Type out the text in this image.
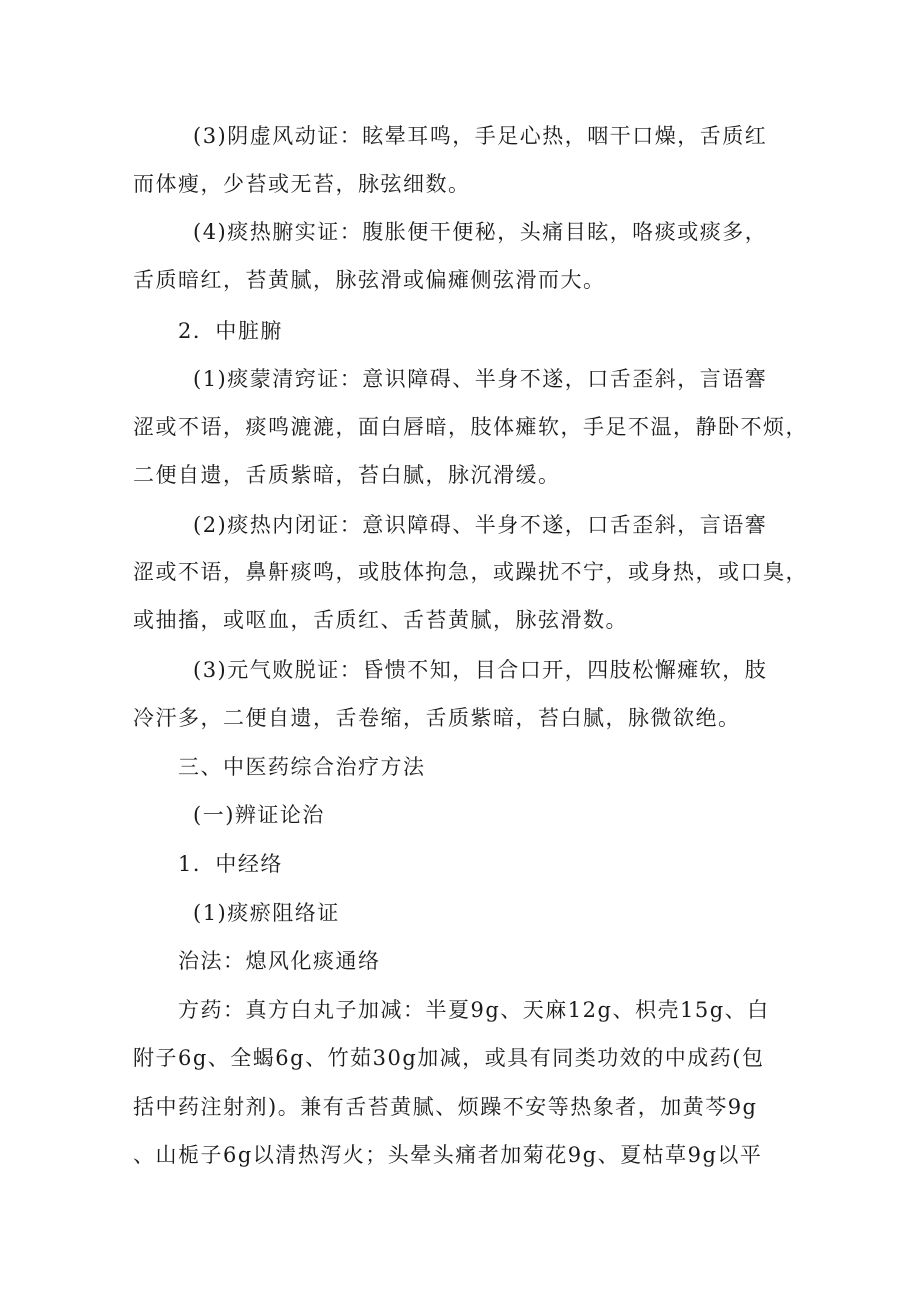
(3)阴虚风动证：眩晕耳鸣，手足心热，咽干口燥，舌质红
而体瘦，少苔或无苔，脉弦细数。
(4)痰热腑实证：腹胀便干便秘，头痛目眩，咯痰或痰多，
舌质暗红，苔黄腻，脉弦滑或偏瘫侧弦滑而大。
2．中脏腑
(1)痰蒙清窍证：意识障碍、半身不遂，口舌歪斜，言语謇
涩或不语，痰鸣漉漉，面白唇暗，肢体瘫软，手足不温，静卧不烦，
二便自遗，舌质紫暗，苔白腻，脉沉滑缓。
(2)痰热内闭证：意识障碍、半身不遂，口舌歪斜，言语謇
涩或不语，鼻鼾痰鸣，或肢体拘急，或躁扰不宁，或身热，或口臭，
或抽搐，或呕血，舌质红、舌苔黄腻，脉弦滑数。
(3)元气败脱证：昏愦不知，目合口开，四肢松懈瘫软，肢
冷汗多，二便自遗，舌卷缩，舌质紫暗，苔白腻，脉微欲绝。
三、中医药综合治疗方法
(一)辨证论治
1．中经络
(1)痰瘀阻络证
治法：熄风化痰通络
方药：真方白丸子加减：半夏9g、天麻12g、枳壳15g、白
附子6g、全蝎6g、竹茹30g加减，或具有同类功效的中成药(包
括中药注射剂)。兼有舌苔黄腻、烦躁不安等热象者，加黄芩9g
、山栀子6g以清热泻火；头晕头痛者加菊花9g、夏枯草9g以平
